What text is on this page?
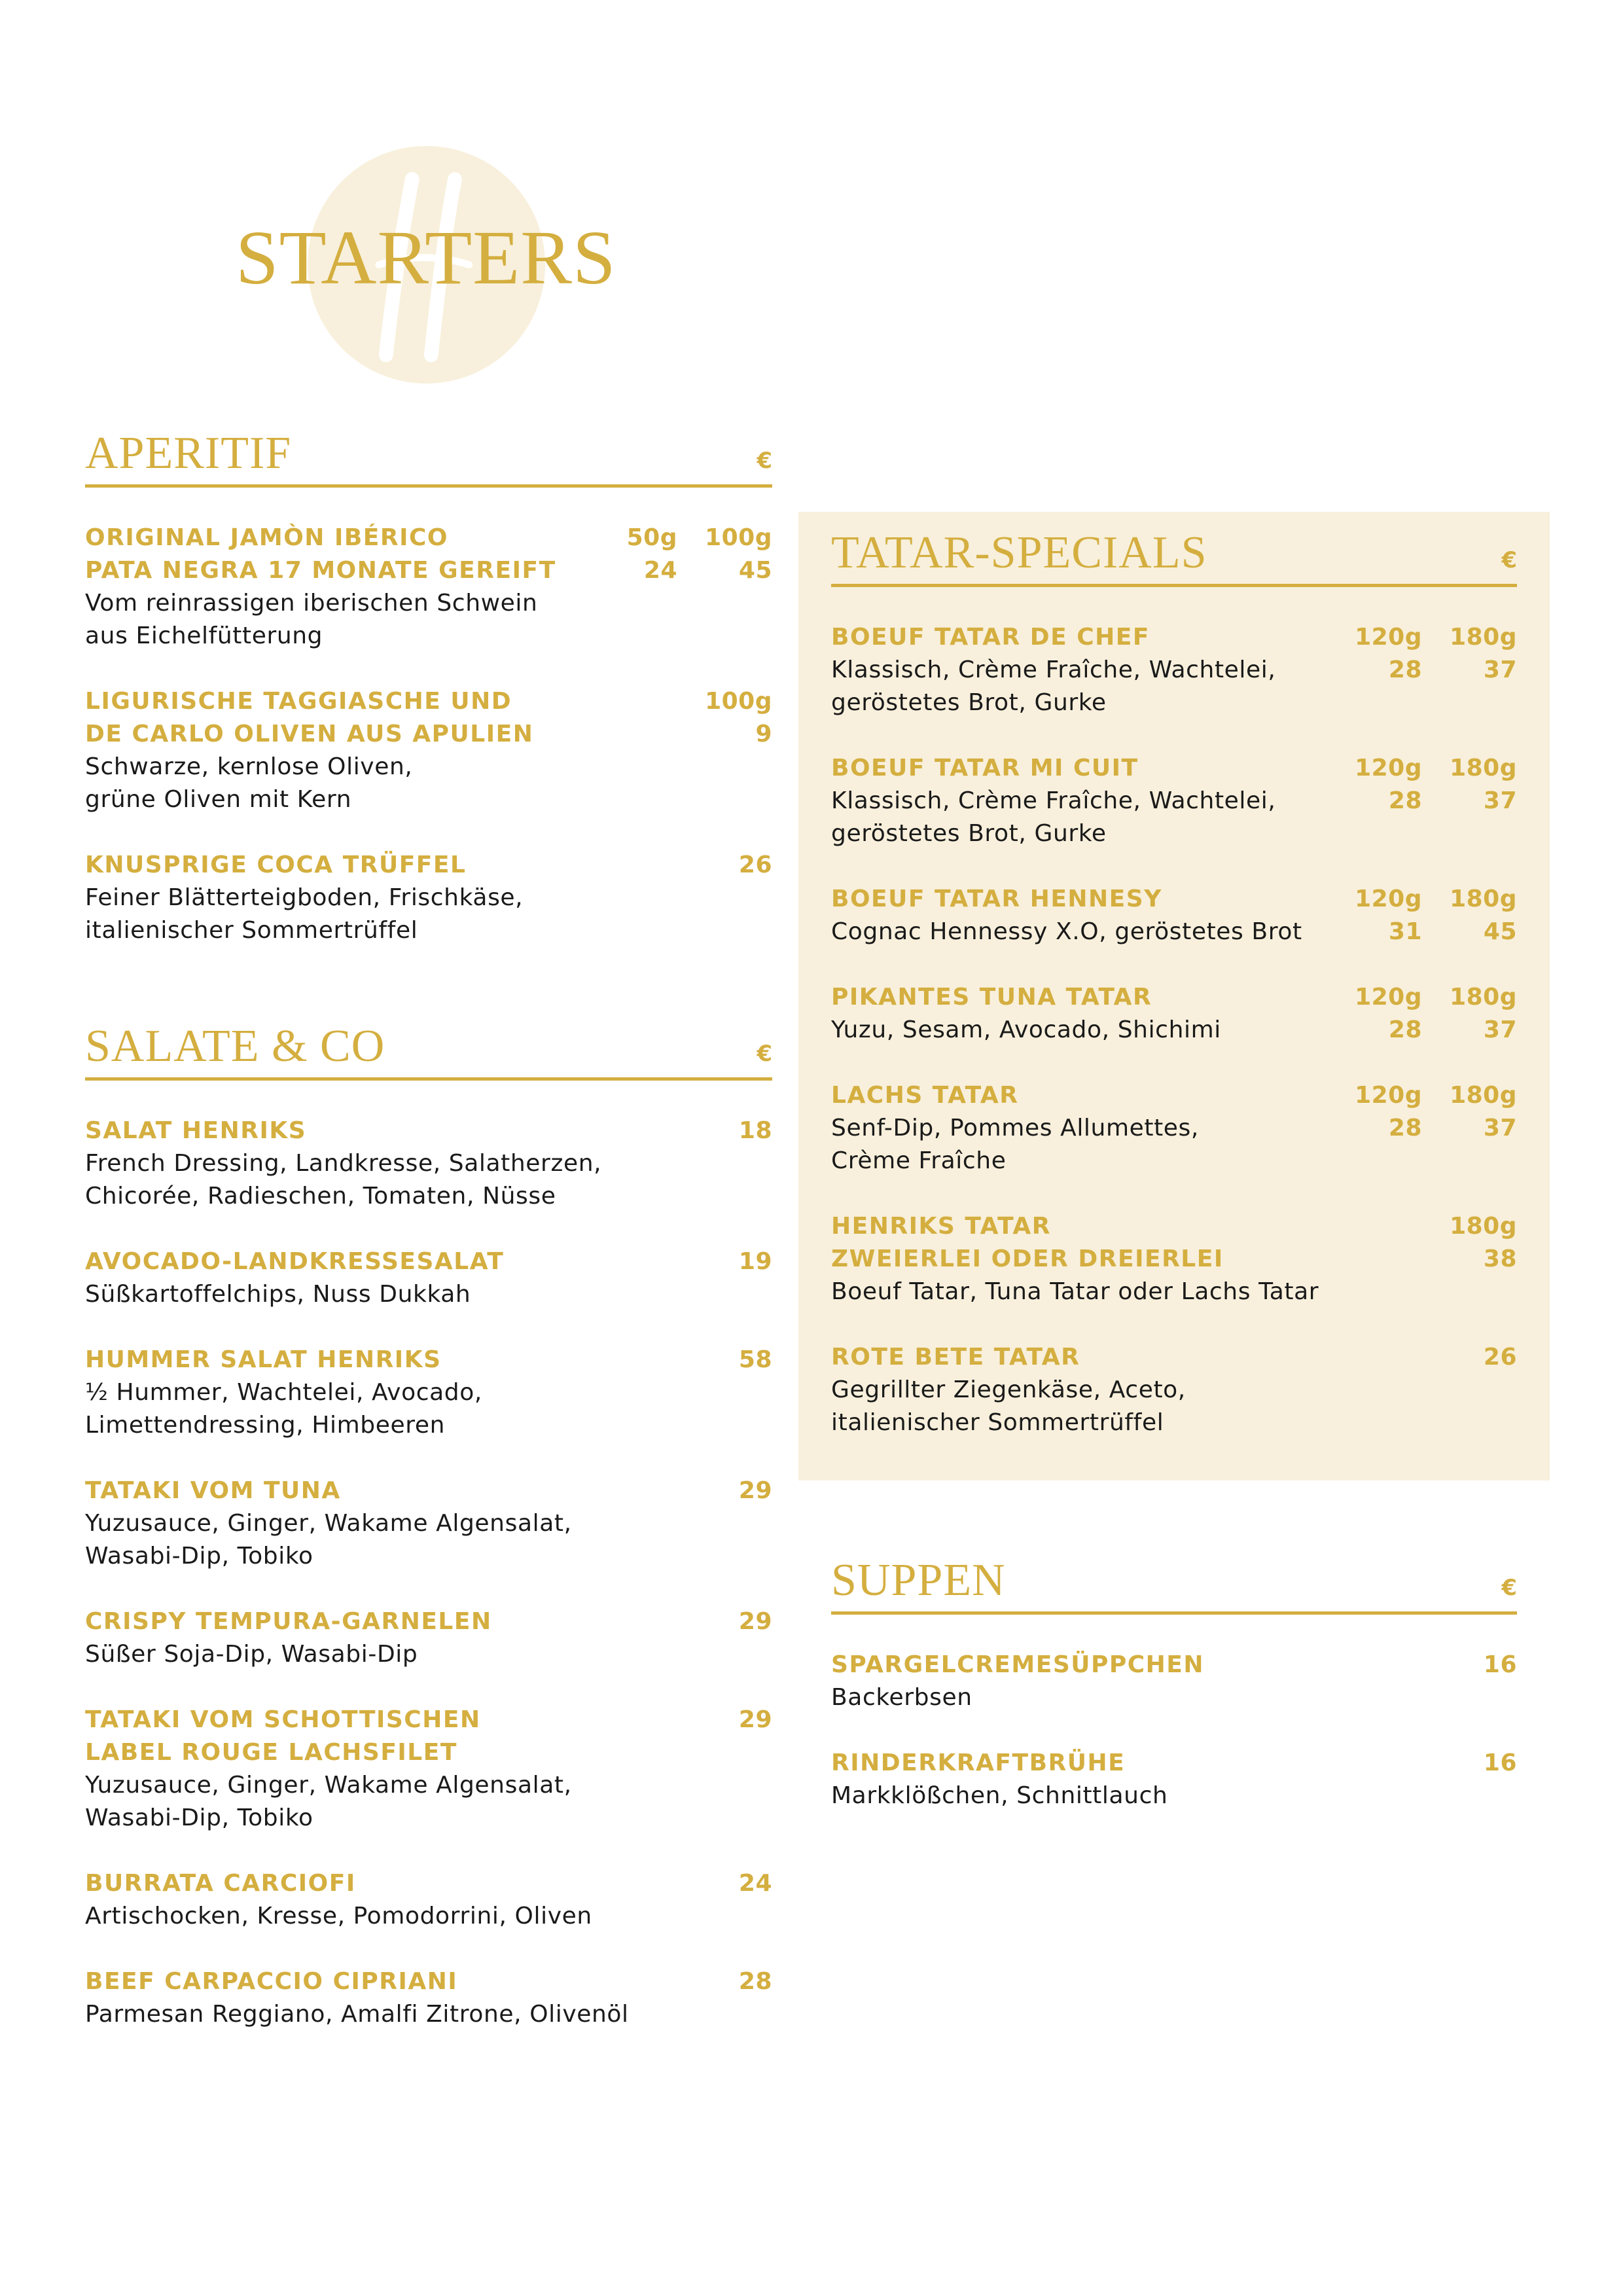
STARTERS
APERITIF	€
ORIGINAL JAMÒN IBÉRICO	50g 100g
PATA NEGRA 17 MONATE GEREIFT	24	45
Vom reinrassigen iberischen Schwein
aus Eichelfütterung
LIGURISCHE TAGGIASCHE UND	100g
DE CARLO OLIVEN AUS APULIEN	9
Schwarze, kernlose Oliven,
grüne Oliven mit Kern
KNUSPRIGE COCA TRÜFFEL	26
Feiner Blätterteigboden, Frischkäse,
italienischer Sommertrüffel
SALATE & CO	€
SALAT HENRIKS	18
French Dressing, Landkresse, Salatherzen,
Chicorée, Radieschen, Tomaten, Nüsse
AVOCADO-LANDKRESSESALAT	19
Süßkartoffelchips, Nuss Dukkah
HUMMER SALAT HENRIKS	58
½ Hummer, Wachtelei, Avocado,
Limettendressing, Himbeeren
TATAKI VOM TUNA	29
Yuzusauce, Ginger, Wakame Algensalat,
Wasabi-Dip, Tobiko
CRISPY TEMPURA-GARNELEN	29
Süßer Soja-Dip, Wasabi-Dip
TATAKI VOM SCHOTTISCHEN	29
LABEL ROUGE LACHSFILET
Yuzusauce, Ginger, Wakame Algensalat,
Wasabi-Dip, Tobiko
BURRATA CARCIOFI	24
Artischocken, Kresse, Pomodorrini, Oliven
BEEF CARPACCIO CIPRIANI	28
Parmesan Reggiano, Amalfi Zitrone, Olivenöl
TATAR-SPECIALS	€
BOEUF TATAR DE CHEF	120g 180g
Klassisch, Crème Fraîche, Wachtelei,	28	37
geröstetes Brot, Gurke
BOEUF TATAR MI CUIT	120g 180g
Klassisch, Crème Fraîche, Wachtelei,	28	37
geröstetes Brot, Gurke
BOEUF TATAR HENNESY	120g 180g
Cognac Hennessy X.O, geröstetes Brot	31	45
PIKANTES TUNA TATAR	120g 180g
Yuzu, Sesam, Avocado, Shichimi	28	37
LACHS TATAR	120g 180g
Senf-Dip, Pommes Allumettes,	28	37
Crème Fraîche
HENRIKS TATAR	180g
ZWEIERLEI ODER DREIERLEI	38
Boeuf Tatar, Tuna Tatar oder Lachs Tatar
ROTE BETE TATAR	26
Gegrillter Ziegenkäse, Aceto,
italienischer Sommertrüffel
SUPPEN	€
SPARGELCREMESÜPPCHEN	16
Backerbsen
RINDERKRAFTBRÜHE	16
Markklößchen, Schnittlauch
